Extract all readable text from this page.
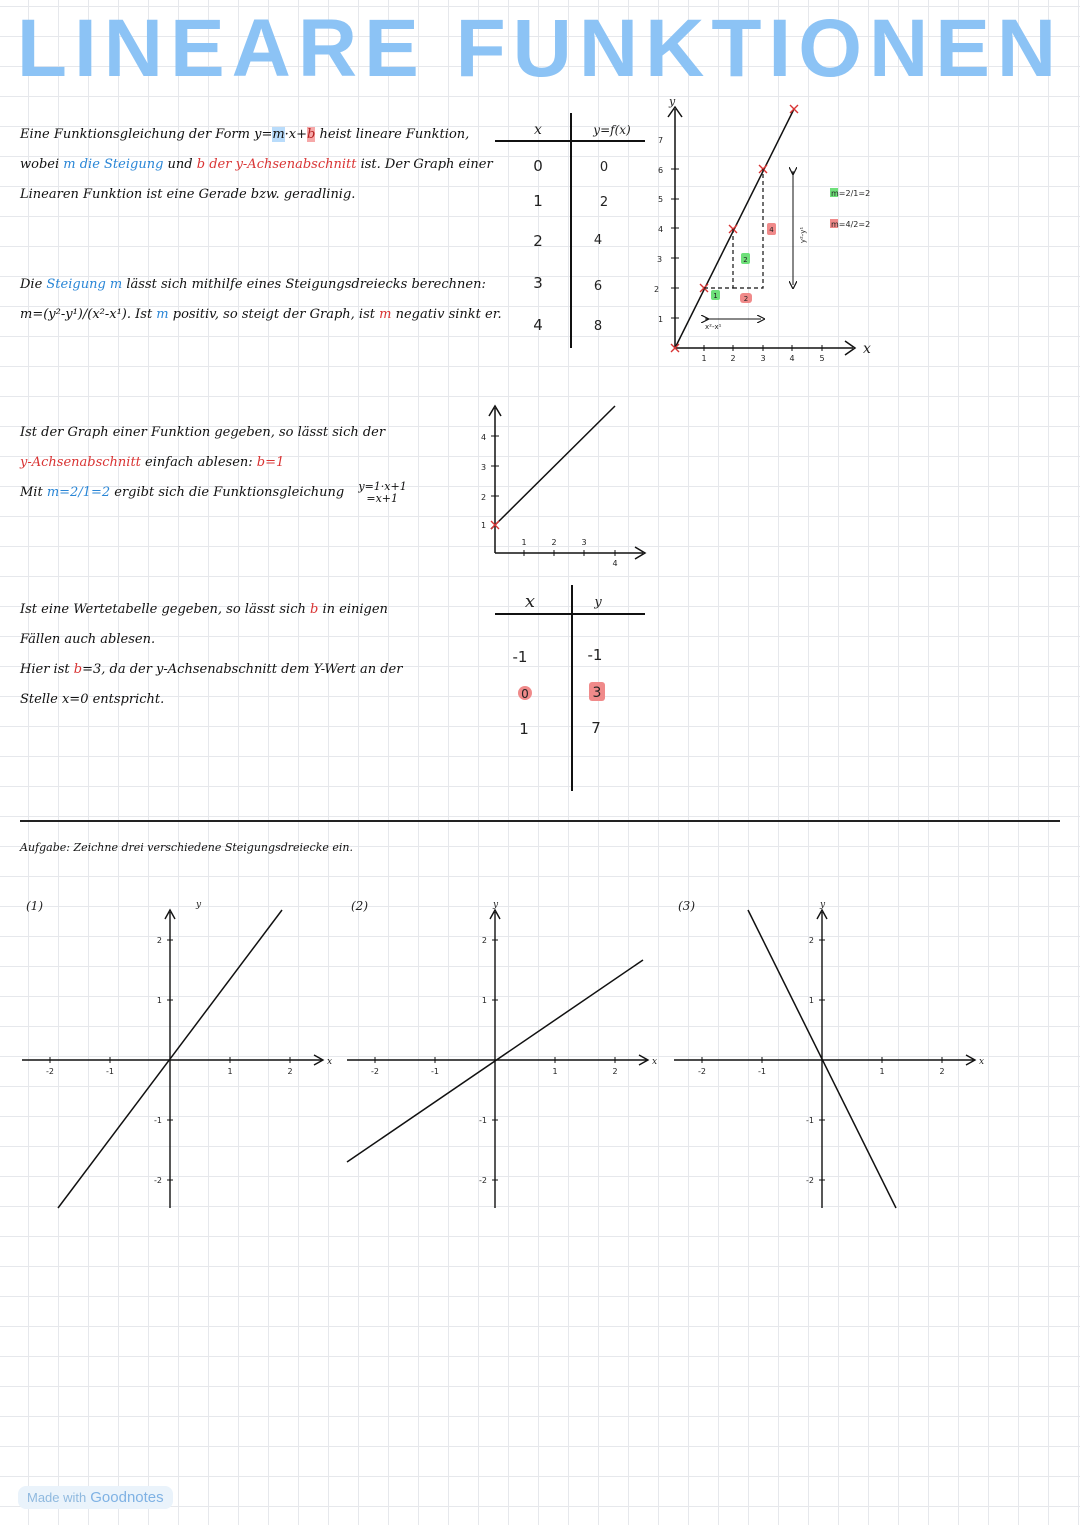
LINEARE FUNKTIONEN
Eine Funktionsgleichung der Form y=m·x+b heist lineare Funktion,
wobei m die Steigung und b der y-Achsenabschnitt ist. Der Graph einer
Linearen Funktion ist eine Gerade bzw. geradlinig.
Die Steigung m lässt sich mithilfe eines Steigungsdreiecks berechnen:
m=(y²-y¹)/(x²-x¹). Ist m positiv, so steigt der Graph, ist m negativ sinkt er.
Ist der Graph einer Funktion gegeben, so lässt sich der
y-Achsenabschnitt einfach ablesen: b=1
Mit m=2/1=2 ergibt sich die Funktionsgleichung y=1·x+1
=x+1
Ist eine Wertetabelle gegeben, so lässt sich b in einigen
Fällen auch ablesen.
Hier ist b=3, da der y-Achsenabschnitt dem Y-Wert an der
Stelle x=0 entspricht.
x	y=f(x)
0	0
1	2
2	4
3	6
4	8
x
y
1	2	3	4	5
1
2
3
4
5
6
7
x²-x¹
y²-y¹
1
2
2
4
m=2/1=2
m=4/2=2
1	2	3
4
1
2
3
4
x	y
-1	-1
0	3
1	7
Aufgabe: Zeichne drei verschiedene Steigungsdreiecke ein.
(1)
x
y
-2	-1	1	2
2
1
-1
-2
(2)
x
y
-2	-1	1	2
2
1
-1
-2
(3)
x
y
-2	-1	1	2
2
1
-1
-2
Made with Goodnotes
